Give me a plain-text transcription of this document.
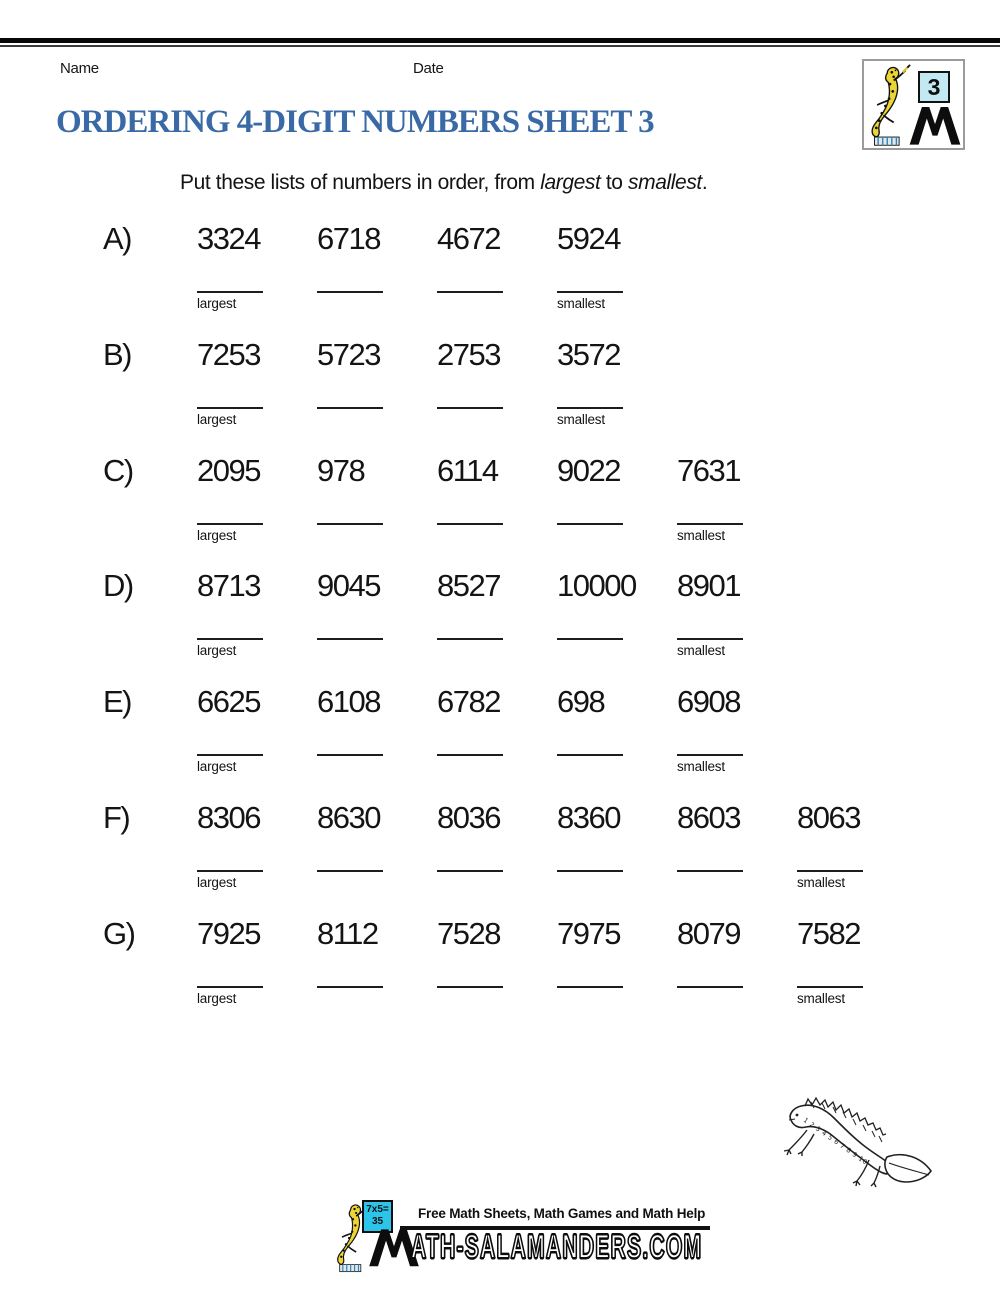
Name	Date
3
ORDERING 4-DIGIT NUMBERS SHEET 3
Put these lists of numbers in order, from largest to smallest.
A) 3324 6718 4672 5924
largest	smallest
B) 7253 5723 2753 3572
largest	smallest
C) 2095 978 6114 9022 7631
largest	smallest
D) 8713 9045 8527 10000 8901
largest	smallest
E) 6625 6108 6782 698 6908
largest	smallest
F) 8306 8630 8036 8360 8603 8063
largest	smallest
G) 7925 8112 7528 7975 8079 7582
largest	smallest
1 2 3 4 5 6 7 8 9 10
7x5=
35
Free Math Sheets, Math Games and Math Help
ATH-SALAMANDERS.COM
